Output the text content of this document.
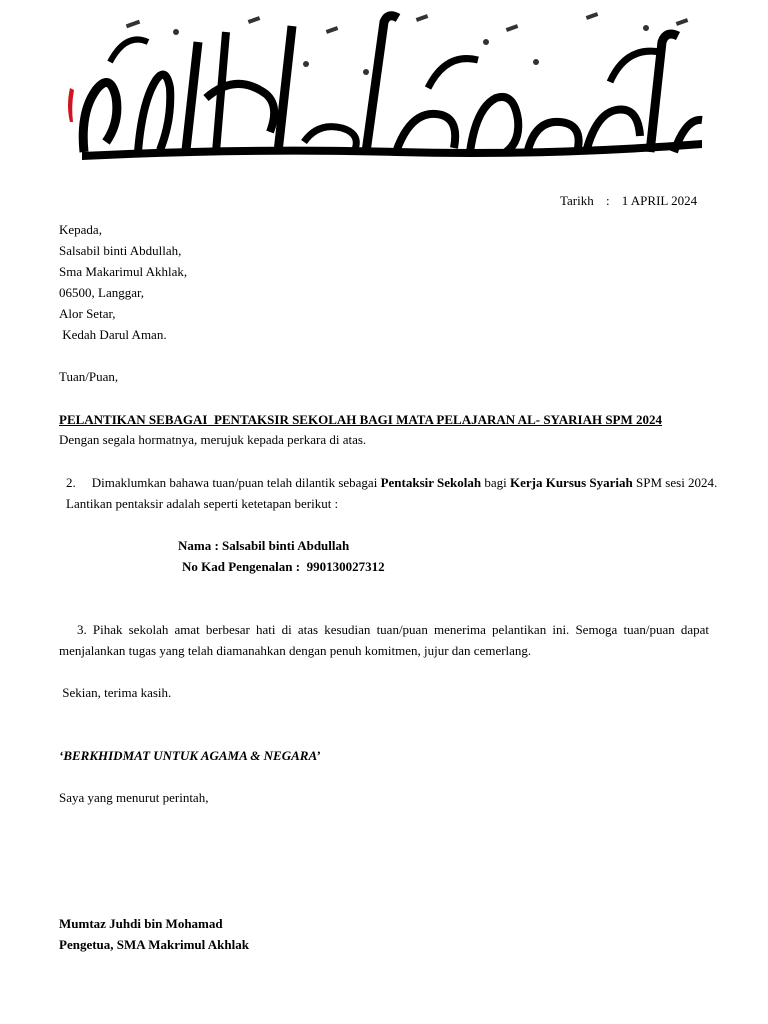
Tarikh : 1 APRIL 2024
Kepada,
Salsabil binti Abdullah,
Sma Makarimul Akhlak,
06500, Langgar,
Alor Setar,
Kedah Darul Aman.
Tuan/Puan,
PELANTIKAN SEBAGAI  PENTAKSIR SEKOLAH BAGI MATA PELAJARAN AL- SYARIAH SPM 2024
Dengan segala hormatnya, merujuk kepada perkara di atas.
2. Dimaklumkan bahawa tuan/puan telah dilantik sebagai Pentaksir Sekolah bagi Kerja Kursus Syariah SPM sesi 2024.
Lantikan pentaksir adalah seperti ketetapan berikut :
Nama : Salsabil binti Abdullah
No Kad Pengenalan :  990130027312
3. Pihak sekolah amat berbesar hati di atas kesudian tuan/puan menerima pelantikan ini. Semoga tuan/puan dapat menjalankan tugas yang telah diamanahkan dengan penuh komitmen, jujur dan cemerlang.
Sekian, terima kasih.
‘BERKHIDMAT UNTUK AGAMA & NEGARA’
Saya yang menurut perintah,
Mumtaz Juhdi bin Mohamad
Pengetua, SMA Makrimul Akhlak
